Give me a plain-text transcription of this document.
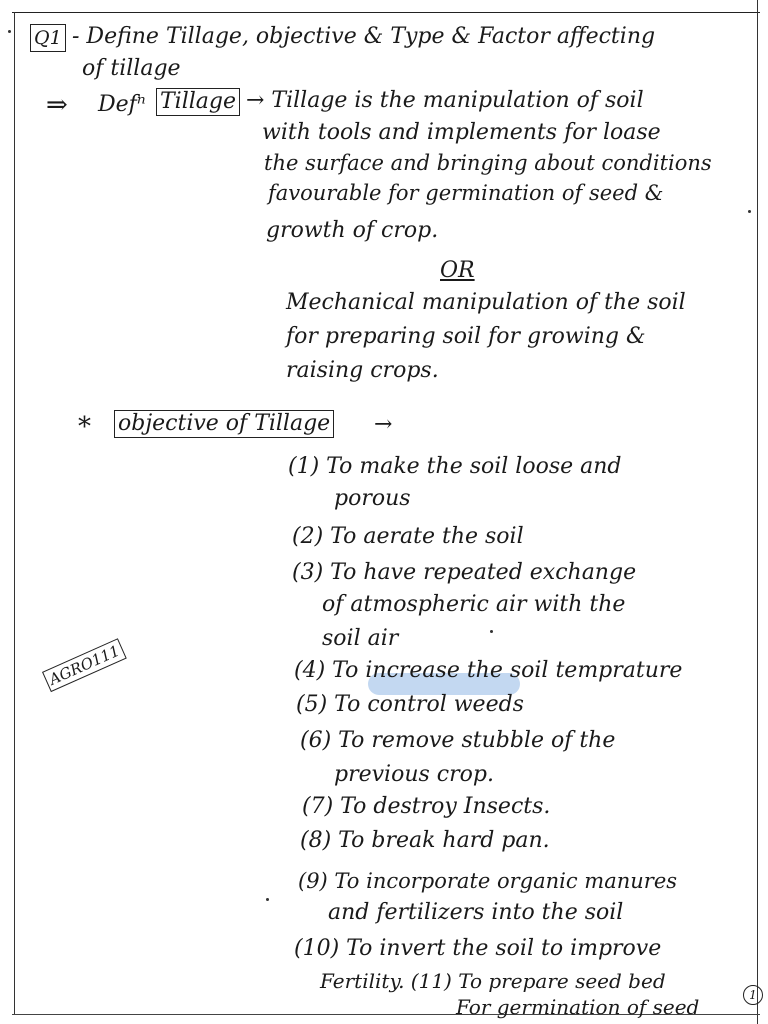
Q1 - Define Tillage, objective & Type & Factor affecting
of tillage
⇒ Defⁿ Tillage → Tillage is the manipulation of soil
with tools and implements for loase
the surface and bringing about conditions
favourable for germination of seed &
growth of crop.
OR
Mechanical manipulation of the soil
for preparing soil for growing &
raising crops.
* objective of Tillage →
(1) To make the soil loose and
porous
(2) To aerate the soil
(3) To have repeated exchange
of atmospheric air with the
soil air
(4) To increase the soil temprature
(5) To control weeds
(6) To remove stubble of the
previous crop.
(7) To destroy Insects.
(8) To break hard pan.
(9) To incorporate organic manures
and fertilizers into the soil
(10) To invert the soil to improve
Fertility. (11) To prepare seed bed
For germination of seed
AGRO111
1
